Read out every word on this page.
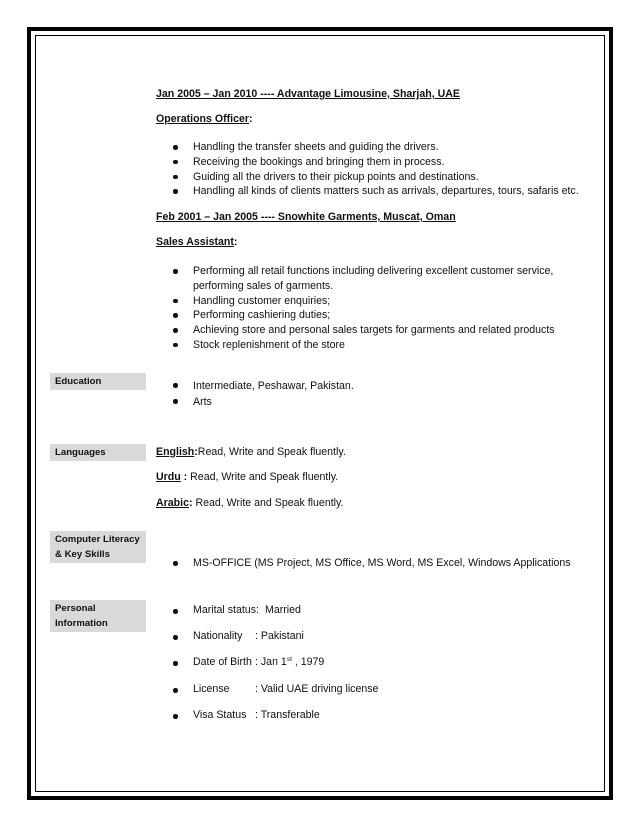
Jan 2005 – Jan 2010 ---- Advantage Limousine, Sharjah, UAE
Operations Officer:
Handling the transfer sheets and guiding the drivers.
Receiving the bookings and bringing them in process.
Guiding all the drivers to their pickup points and destinations.
Handling all kinds of clients matters such as arrivals, departures, tours, safaris etc.
Feb 2001 – Jan 2005 ---- Snowhite Garments, Muscat, Oman
Sales Assistant:
Performing all retail functions including delivering excellent customer service,
performing sales of garments.
Handling customer enquiries;
Performing cashiering duties;
Achieving store and personal sales targets for garments and related products
Stock replenishment of the store
Education	Intermediate, Peshawar, Pakistan.
Arts
Languages	English:Read, Write and Speak fluently.
Urdu : Read, Write and Speak fluently.
Arabic: Read, Write and Speak fluently.
Computer Literacy
& Key Skills
MS-OFFICE (MS Project, MS Office, MS Word, MS Excel, Windows Applications
Personal
Information
Marital status: Married
Nationality : Pakistani
Date of Birth : Jan 1st , 1979
License : Valid UAE driving license
Visa Status : Transferable
